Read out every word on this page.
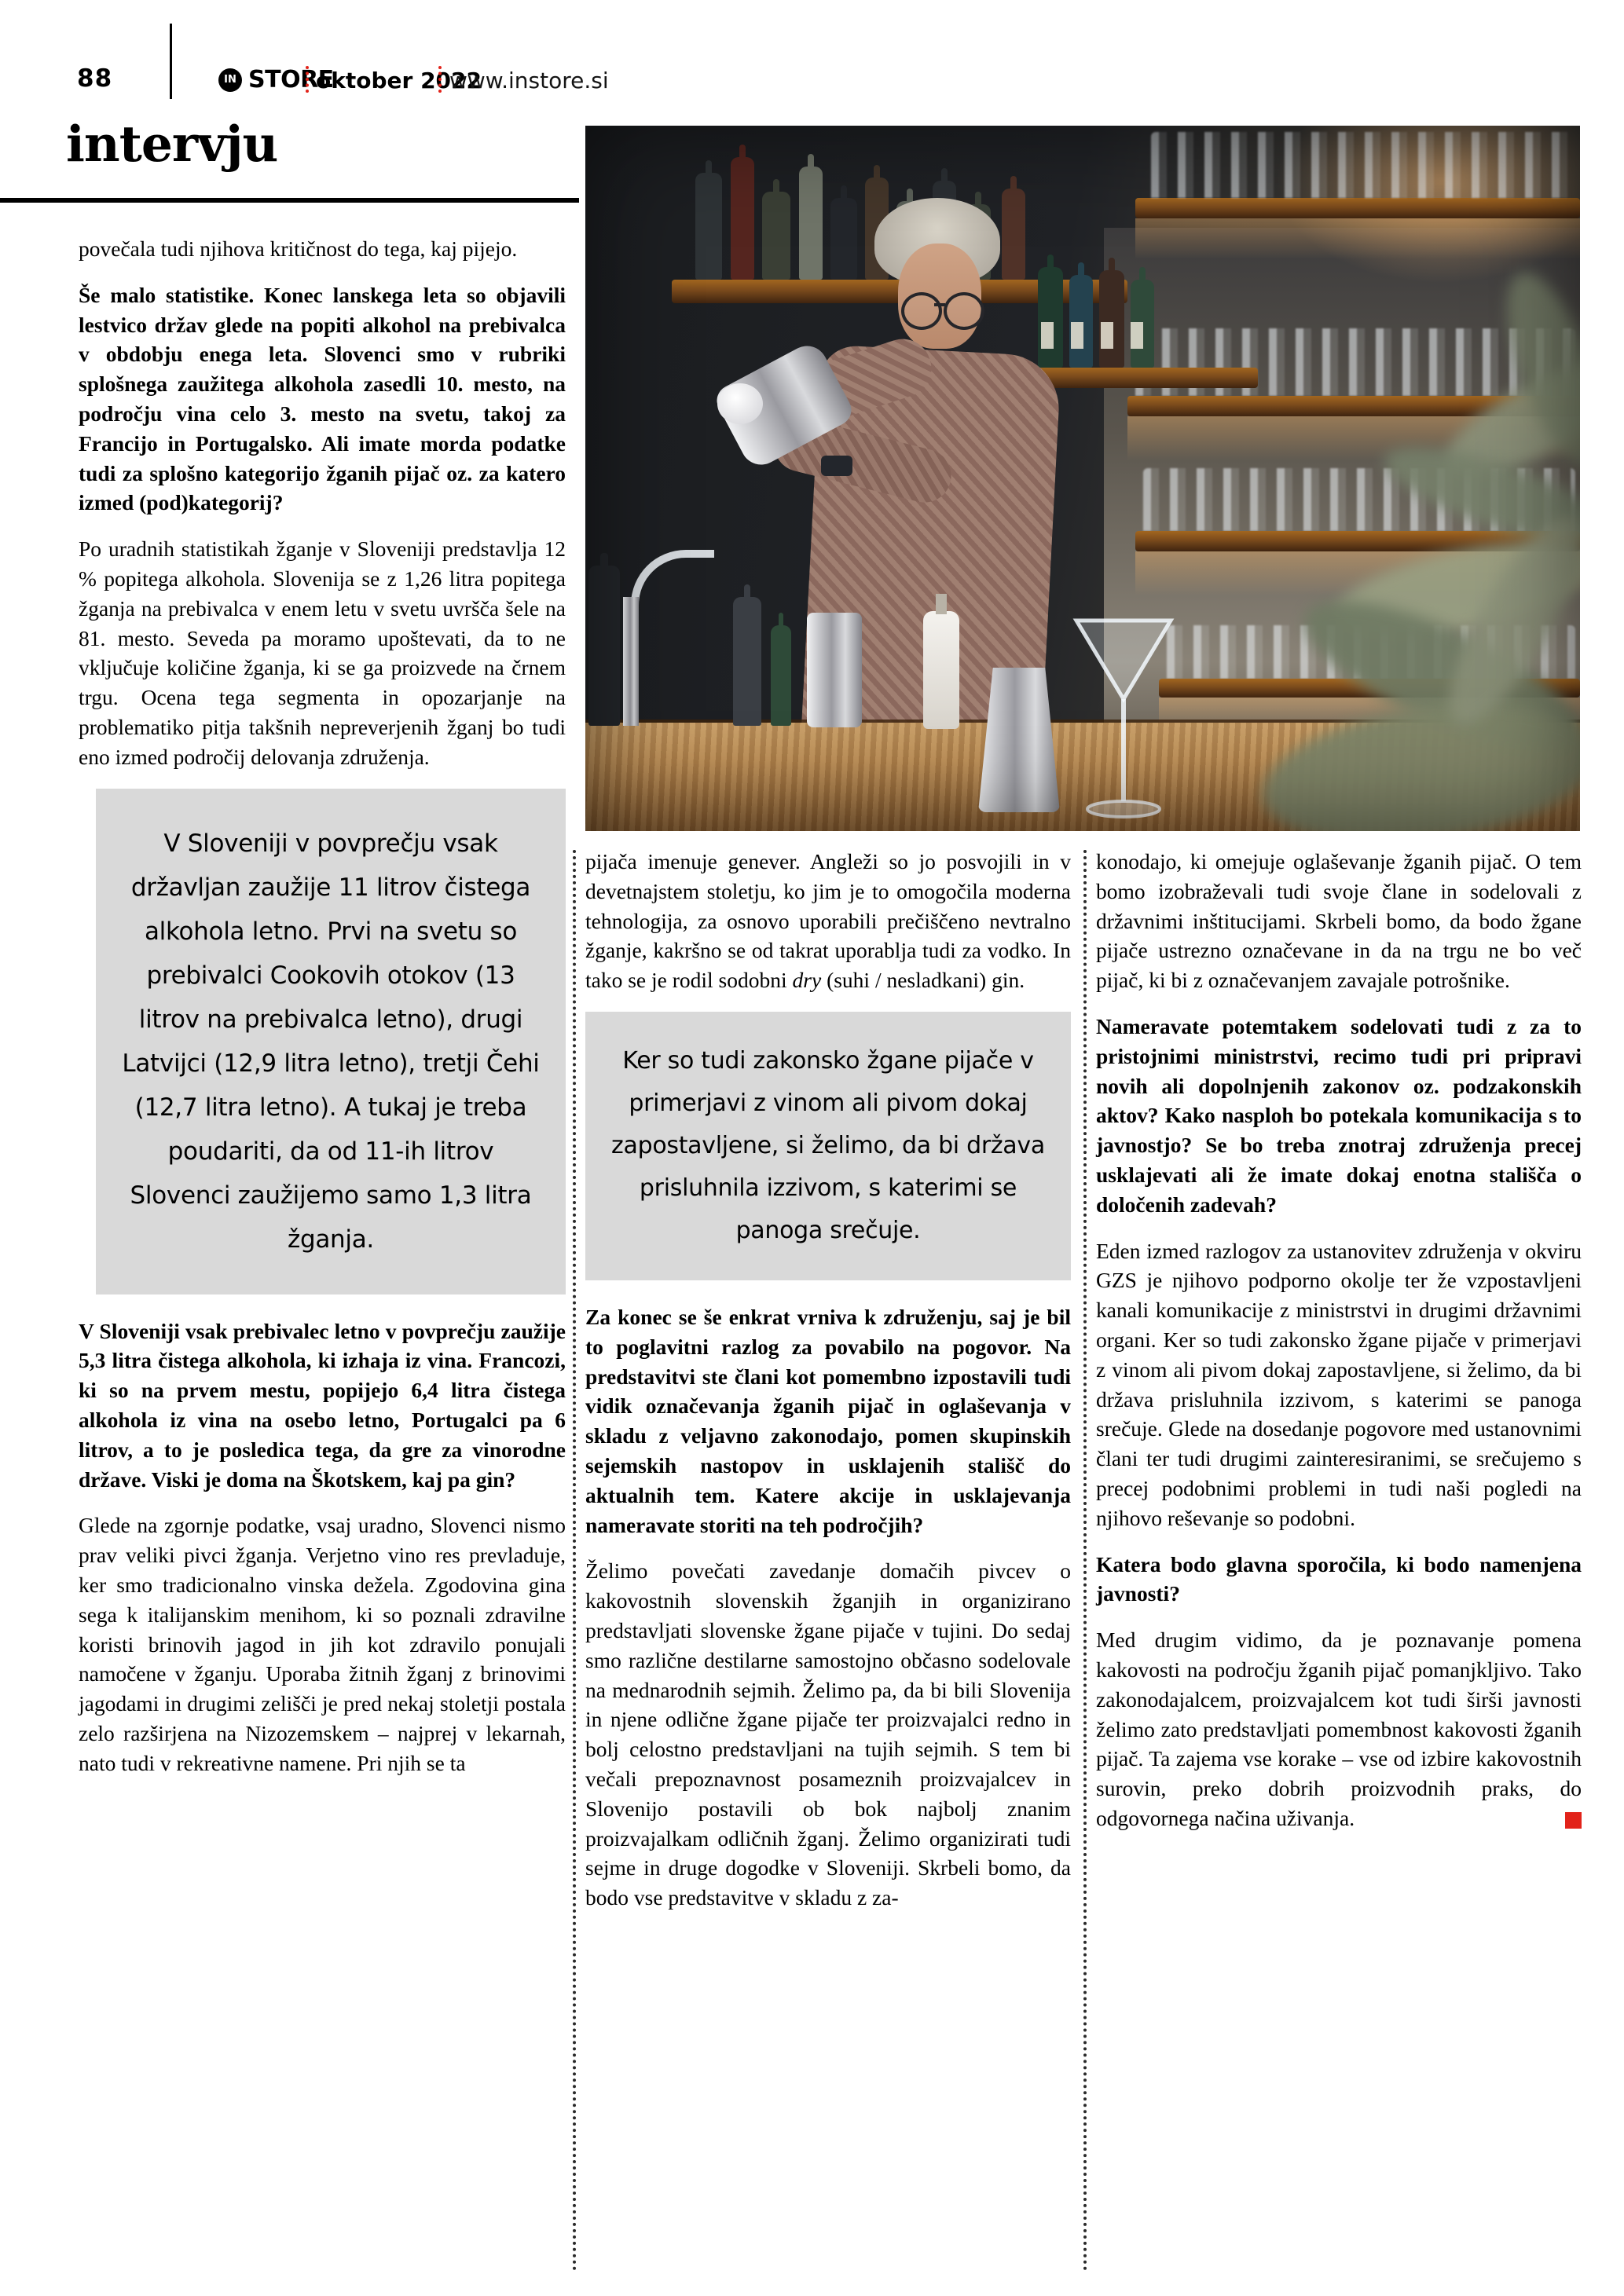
88	IN STORE
oktober 2022
www.instore.si
intervju

povečala tudi njihova kritičnost do tega, kaj pijejo.

Še malo statistike. Konec lanskega leta so objavili lestvico držav glede na popiti alkohol na prebivalca v obdobju enega leta. Slovenci smo v rubriki splošnega zaužitega alkohola zasedli 10. mesto, na področju vina celo 3. mesto na svetu, takoj za Francijo in Portugalsko. Ali imate morda podatke tudi za splošno kategorijo žganih pijač oz. za katero izmed (pod)kategorij?

Po uradnih statistikah žganje v Sloveniji predstavlja 12 % popitega alkohola. Slovenija se z 1,26 litra popitega žganja na prebivalca v enem letu v svetu uvršča šele na 81. mesto. Seveda pa moramo upoštevati, da to ne vključuje količine žganja, ki se ga proizvede na črnem trgu. Ocena tega segmenta in opozarjanje na problematiko pitja takšnih nepreverjenih žganj bo tudi eno izmed področij delovanja združenja.

V Sloveniji v povprečju vsak državljan zaužije 11 litrov čistega alkohola letno. Prvi na svetu so prebivalci Cookovih otokov (13 litrov na prebivalca letno), drugi Latvijci (12,9 litra letno), tretji Čehi (12,7 litra letno). A tukaj je treba poudariti, da od 11-ih litrov Slovenci zaužijemo samo 1,3 litra žganja.

V Sloveniji vsak prebivalec letno v povprečju zaužije 5,3 litra čistega alkohola, ki izhaja iz vina. Francozi, ki so na prvem mestu, popijejo 6,4 litra čistega alkohola iz vina na osebo letno, Portugalci pa 6 litrov, a to je posledica tega, da gre za vinorodne države. Viski je doma na Škotskem, kaj pa gin?

Glede na zgornje podatke, vsaj uradno, Slovenci nismo prav veliki pivci žganja. Verjetno vino res prevladuje, ker smo tradicionalno vinska dežela. Zgodovina gina sega k italijanskim menihom, ki so poznali zdravilne koristi brinovih jagod in jih kot zdravilo ponujali namočene v žganju. Uporaba žitnih žganj z brinovimi jagodami in drugimi zelišči je pred nekaj stoletji postala zelo razširjena na Nizozemskem – najprej v lekarnah, nato tudi v rekreativne namene. Pri njih se ta

pijača imenuje genever. Angleži so jo posvojili in v devetnajstem stoletju, ko jim je to omogočila moderna tehnologija, za osnovo uporabili prečiščeno nevtralno žganje, kakršno se od takrat uporablja tudi za vodko. In tako se je rodil sodobni dry (suhi / nesladkani) gin.

Ker so tudi zakonsko žgane pijače v primerjavi z vinom ali pivom dokaj zapostavljene, si želimo, da bi država prisluhnila izzivom, s katerimi se panoga srečuje.

Za konec se še enkrat vrniva k združenju, saj je bil to poglavitni razlog za povabilo na pogovor. Na predstavitvi ste člani kot pomembno izpostavili tudi vidik označevanja žganih pijač in oglaševanja v skladu z veljavno zakonodajo, pomen skupinskih sejemskih nastopov in usklajenih stališč do aktualnih tem. Katere akcije in usklajevanja nameravate storiti na teh področjih?

Želimo povečati zavedanje domačih pivcev o kakovostnih slovenskih žganjih in organizirano predstavljati slovenske žgane pijače v tujini. Do sedaj smo različne destilarne samostojno občasno sodelovale na mednarodnih sejmih. Želimo pa, da bi bili Slovenija in njene odlične žgane pijače ter proizvajalci redno in bolj celostno predstavljani na tujih sejmih. S tem bi večali prepoznavnost posameznih proizvajalcev in Slovenijo postavili ob bok najbolj znanim proizvajalkam odličnih žganj. Želimo organizirati tudi sejme in druge dogodke v Sloveniji. Skrbeli bomo, da bodo vse predstavitve v skladu z za-

konodajo, ki omejuje oglaševanje žganih pijač. O tem bomo izobraževali tudi svoje člane in sodelovali z državnimi inštitucijami. Skrbeli bomo, da bodo žgane pijače ustrezno označevane in da na trgu ne bo več pijač, ki bi z označevanjem zavajale potrošnike.

Nameravate potemtakem sodelovati tudi z za to pristojnimi ministrstvi, recimo tudi pri pripravi novih ali dopolnjenih zakonov oz. podzakonskih aktov? Kako nasploh bo potekala komunikacija s to javnostjo? Se bo treba znotraj združenja precej usklajevati ali že imate dokaj enotna stališča o določenih zadevah?

Eden izmed razlogov za ustanovitev združenja v okviru GZS je njihovo podporno okolje ter že vzpostavljeni kanali komunikacije z ministrstvi in drugimi državnimi organi. Ker so tudi zakonsko žgane pijače v primerjavi z vinom ali pivom dokaj zapostavljene, si želimo, da bi država prisluhnila izzivom, s katerimi se panoga srečuje. Glede na dosedanje pogovore med ustanovnimi člani ter tudi drugimi zainteresiranimi, se srečujemo s precej podobnimi problemi in tudi naši pogledi na njihovo reševanje so podobni.

Katera bodo glavna sporočila, ki bodo namenjena javnosti?

Med drugim vidimo, da je poznavanje pomena kakovosti na področju žganih pijač pomanjkljivo. Tako zakonodajalcem, proizvajalcem kot tudi širši javnosti želimo zato predstavljati pomembnost kakovosti žganih pijač. Ta zajema vse korake – vse od izbire kakovostnih surovin, preko dobrih proizvodnih praks, do odgovornega načina uživanja.
